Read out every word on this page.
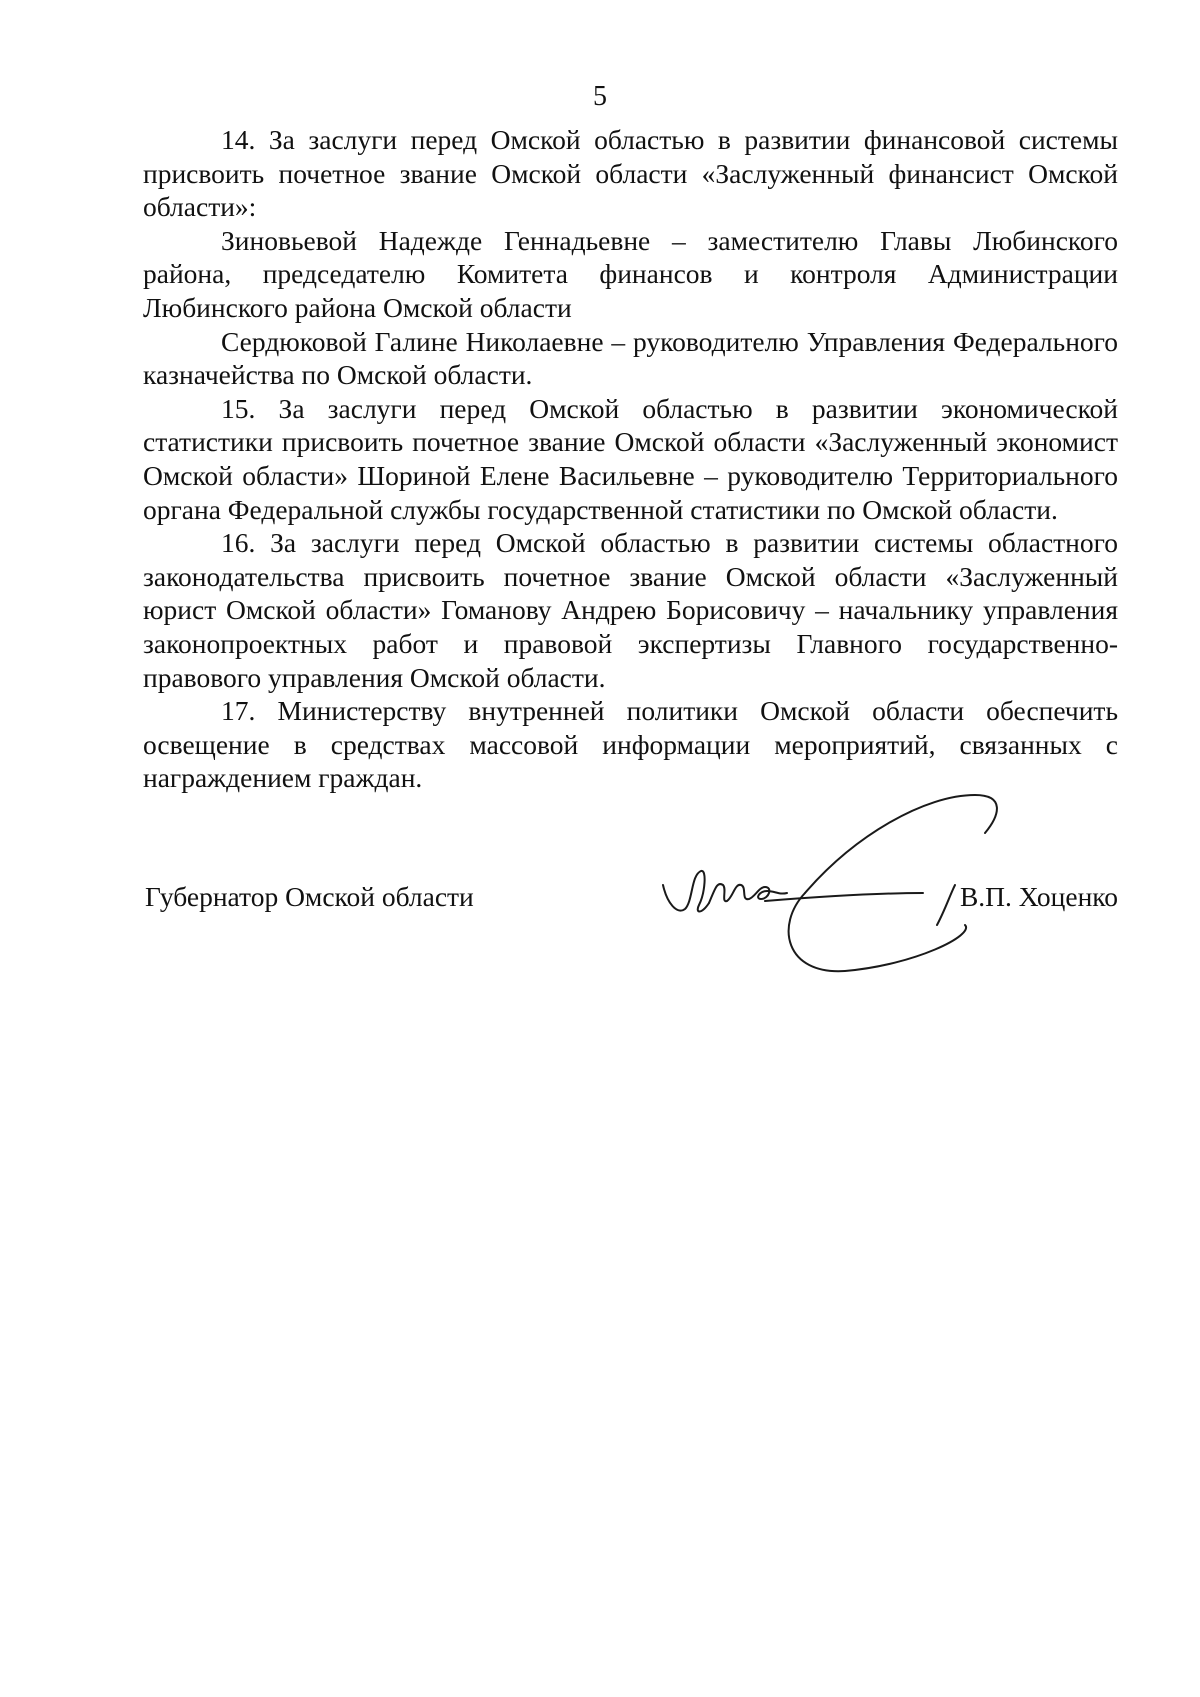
5

14. За заслуги перед Омской областью в развитии финансовой системы присвоить почетное звание Омской области «Заслуженный финансист Омской области»:

Зиновьевой Надежде Геннадьевне – заместителю Главы Любинского района, председателю Комитета финансов и контроля Администрации Любинского района Омской области

Сердюковой Галине Николаевне – руководителю Управления Федерального казначейства по Омской области.

15. За заслуги перед Омской областью в развитии экономической статистики присвоить почетное звание Омской области «Заслуженный экономист Омской области» Шориной Елене Васильевне – руководителю Территориального органа Федеральной службы государственной статистики по Омской области.

16. За заслуги перед Омской областью в развитии системы областного законодательства присвоить почетное звание Омской области «Заслуженный юрист Омской области» Гоманову Андрею Борисовичу – начальнику управления законопроектных работ и правовой экспертизы Главного государственно-правового управления Омской области.

17. Министерству внутренней политики Омской области обеспечить освещение в средствах массовой информации мероприятий, связанных с награждением граждан.

Губернатор Омской области	В.П. Хоценко
